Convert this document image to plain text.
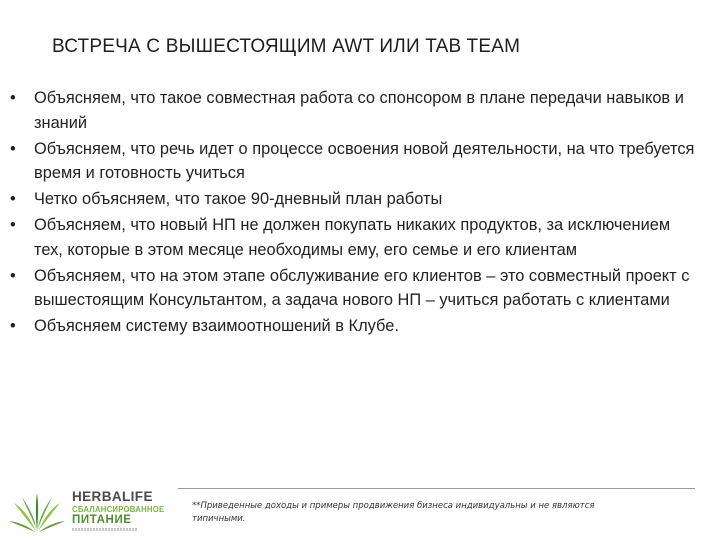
ВСТРЕЧА С ВЫШЕСТОЯЩИМ AWT ИЛИ TAB TEAM
• Объясняем, что такое совместная работа со спонсором в плане передачи навыков и знаний
• Объясняем, что речь идет о процессе освоения новой деятельности, на что требуется время и готовность учиться
• Четко объясняем, что такое 90-дневный план работы
• Объясняем, что новый НП не должен покупать никаких продуктов, за исключением тех, которые в этом месяце необходимы ему, его семье и его клиентам
• Объясняем, что на этом этапе обслуживание его клиентов – это совместный проект с вышестоящим Консультантом, а задача нового НП – учиться работать с клиентами
• Объясняем систему взаимоотношений в Клубе.
**Приведенные доходы и примеры продвижения бизнеса индивидуальны и не являются типичными.
HERBALIFE
СБАЛАНСИРОВАННОЕ
ПИТАНИЕ
